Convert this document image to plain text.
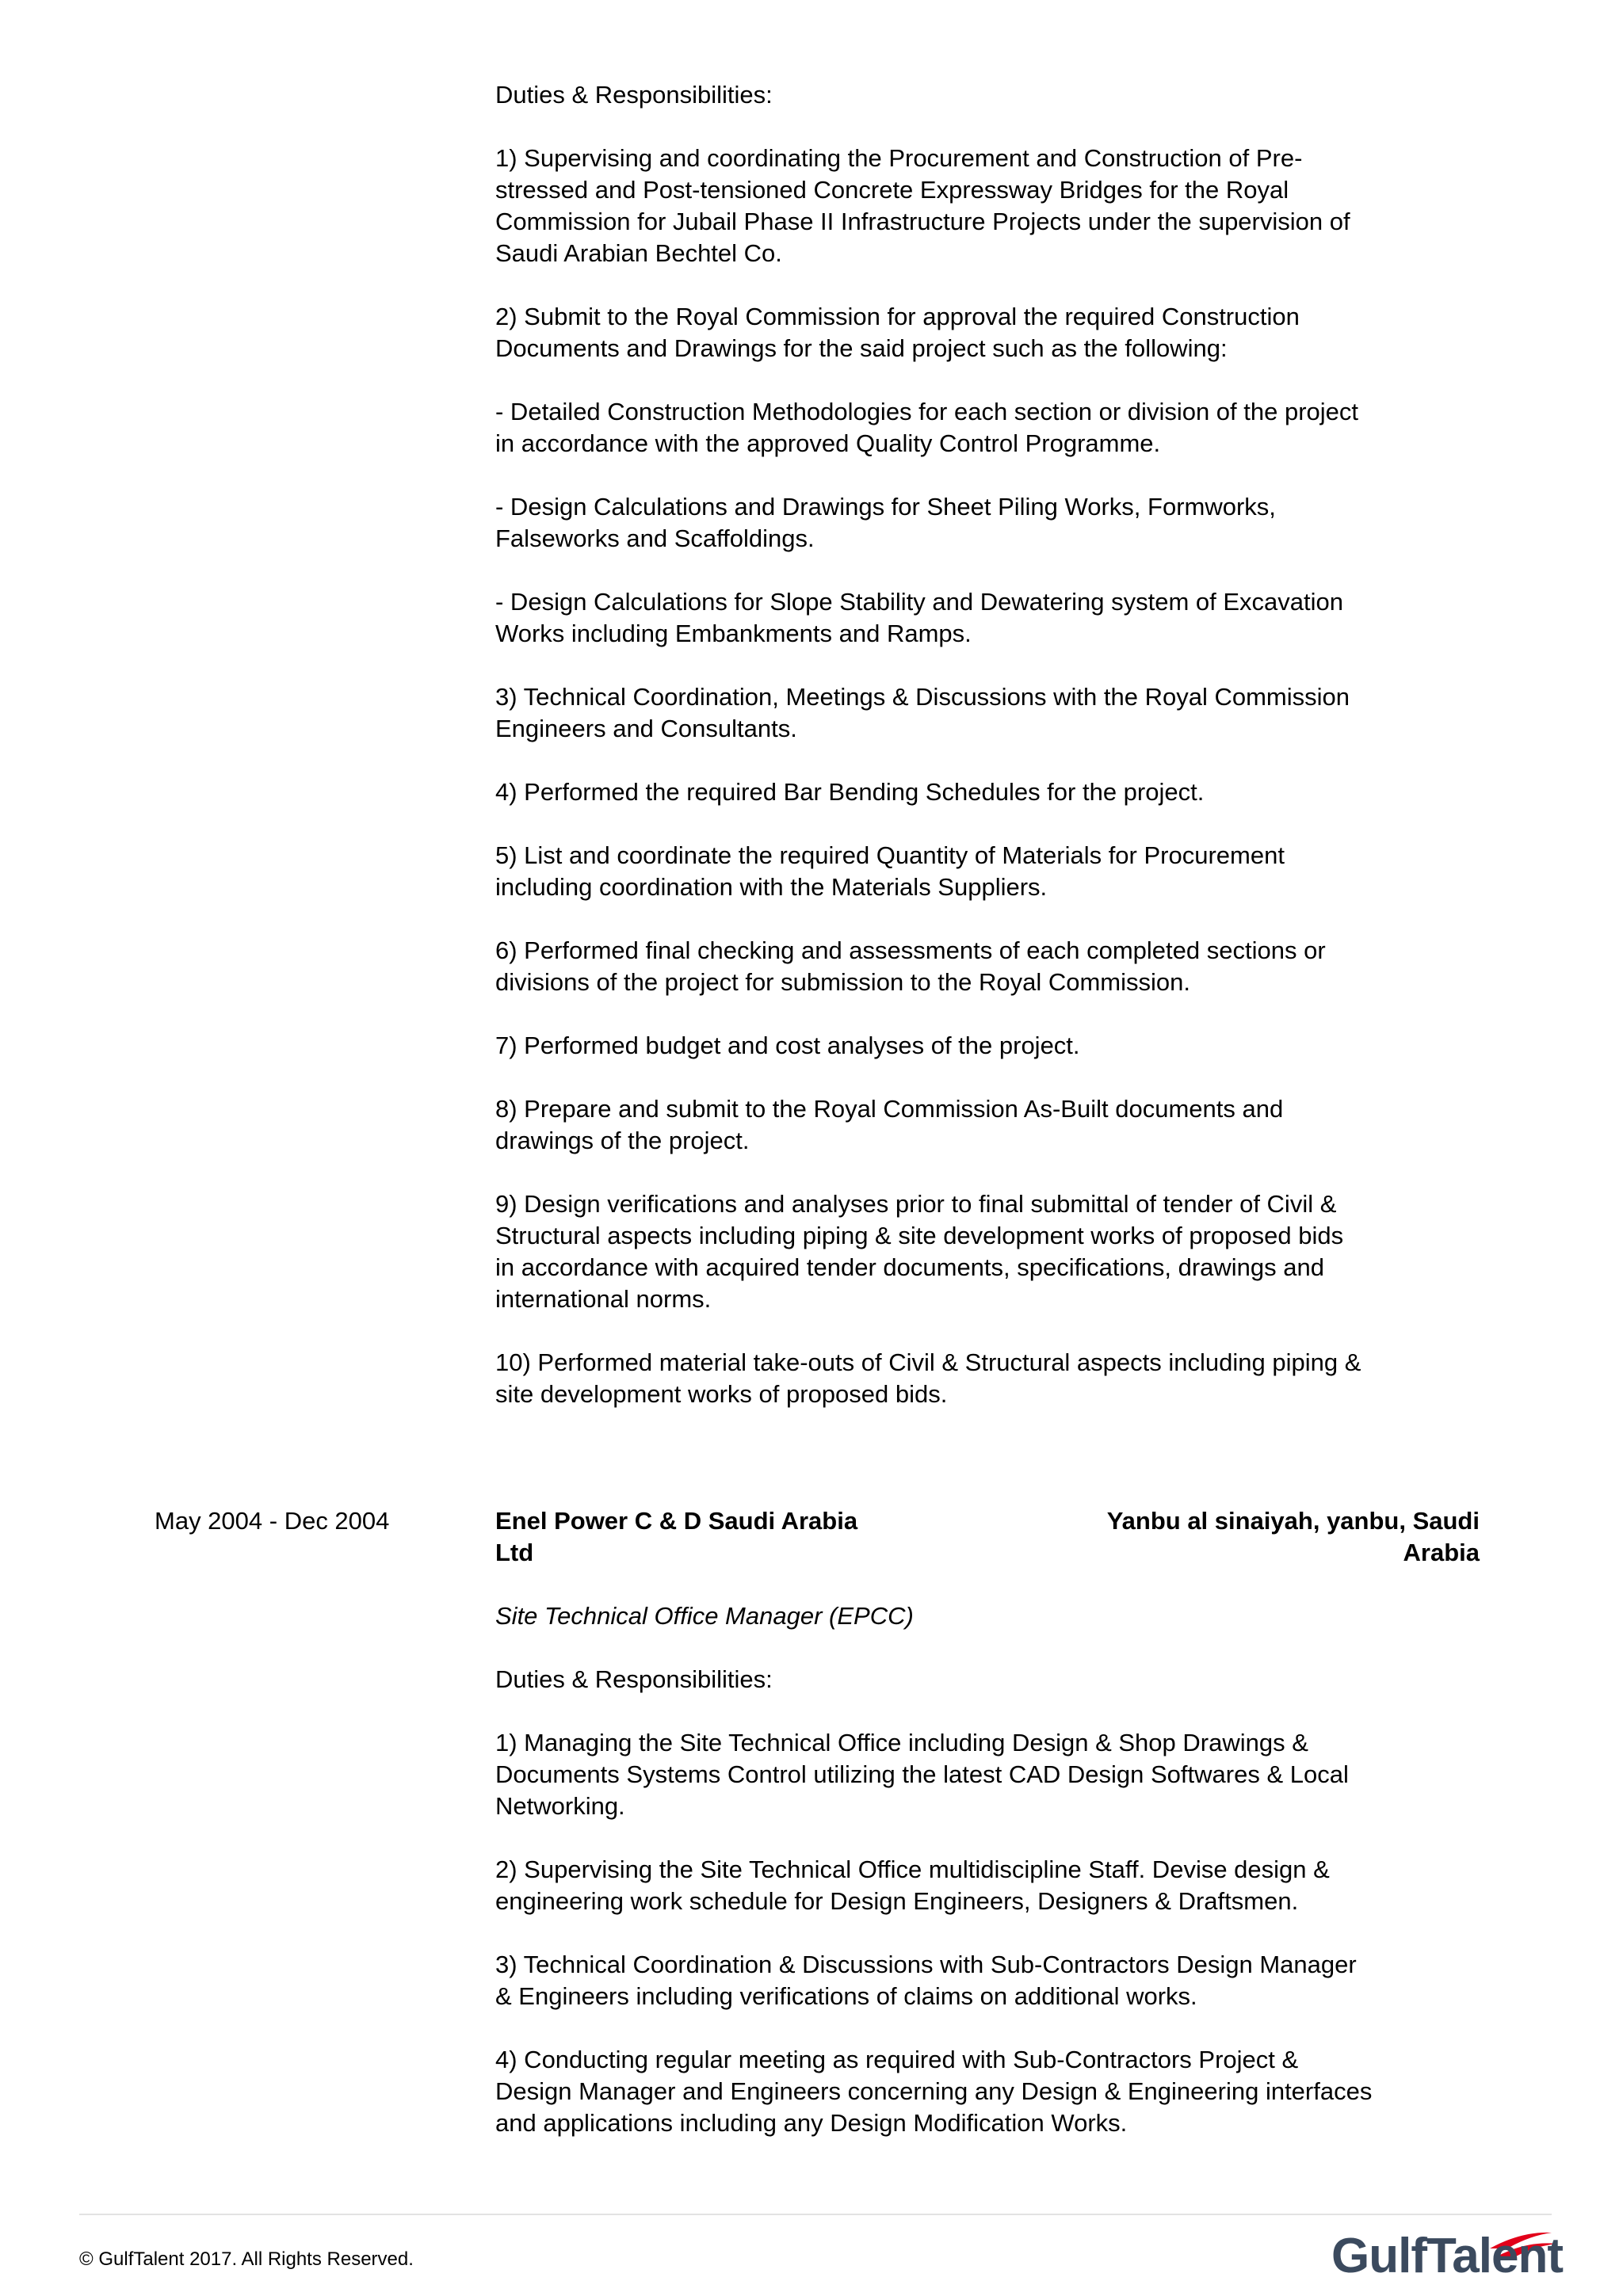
Duties & Responsibilities:

1) Supervising and coordinating the Procurement and Construction of Pre-
stressed and Post-tensioned Concrete Expressway Bridges for the Royal
Commission for Jubail Phase II Infrastructure Projects under the supervision of
Saudi Arabian Bechtel Co.

2) Submit to the Royal Commission for approval the required Construction
Documents and Drawings for the said project such as the following:

- Detailed Construction Methodologies for each section or division of the project
in accordance with the approved Quality Control Programme.

- Design Calculations and Drawings for Sheet Piling Works, Formworks,
Falseworks and Scaffoldings.

- Design Calculations for Slope Stability and Dewatering system of Excavation
Works including Embankments and Ramps.

3) Technical Coordination, Meetings & Discussions with the Royal Commission
Engineers and Consultants.

4) Performed the required Bar Bending Schedules for the project.

5) List and coordinate the required Quantity of Materials for Procurement
including coordination with the Materials Suppliers.

6) Performed final checking and assessments of each completed sections or
divisions of the project for submission to the Royal Commission.

7) Performed budget and cost analyses of the project.

8) Prepare and submit to the Royal Commission As-Built documents and
drawings of the project.

9) Design verifications and analyses prior to final submittal of tender of Civil &
Structural aspects including piping & site development works of proposed bids
in accordance with acquired tender documents, specifications, drawings and
international norms.

10) Performed material take-outs of Civil & Structural aspects including piping &
site development works of proposed bids.

May 2004 - Dec 2004	Enel Power C & D Saudi Arabia
Ltd
Yanbu al sinaiyah, yanbu, Saudi
Arabia

Site Technical Office Manager (EPCC)

Duties & Responsibilities:

1) Managing the Site Technical Office including Design & Shop Drawings &
Documents Systems Control utilizing the latest CAD Design Softwares & Local
Networking.

2) Supervising the Site Technical Office multidiscipline Staff. Devise design &
engineering work schedule for Design Engineers, Designers & Draftsmen.

3) Technical Coordination & Discussions with Sub-Contractors Design Manager
& Engineers including verifications of claims on additional works.

4) Conducting regular meeting as required with Sub-Contractors Project &
Design Manager and Engineers concerning any Design & Engineering interfaces
and applications including any Design Modification Works.

© GulfTalent 2017. All Rights Reserved.	GulfTalent
